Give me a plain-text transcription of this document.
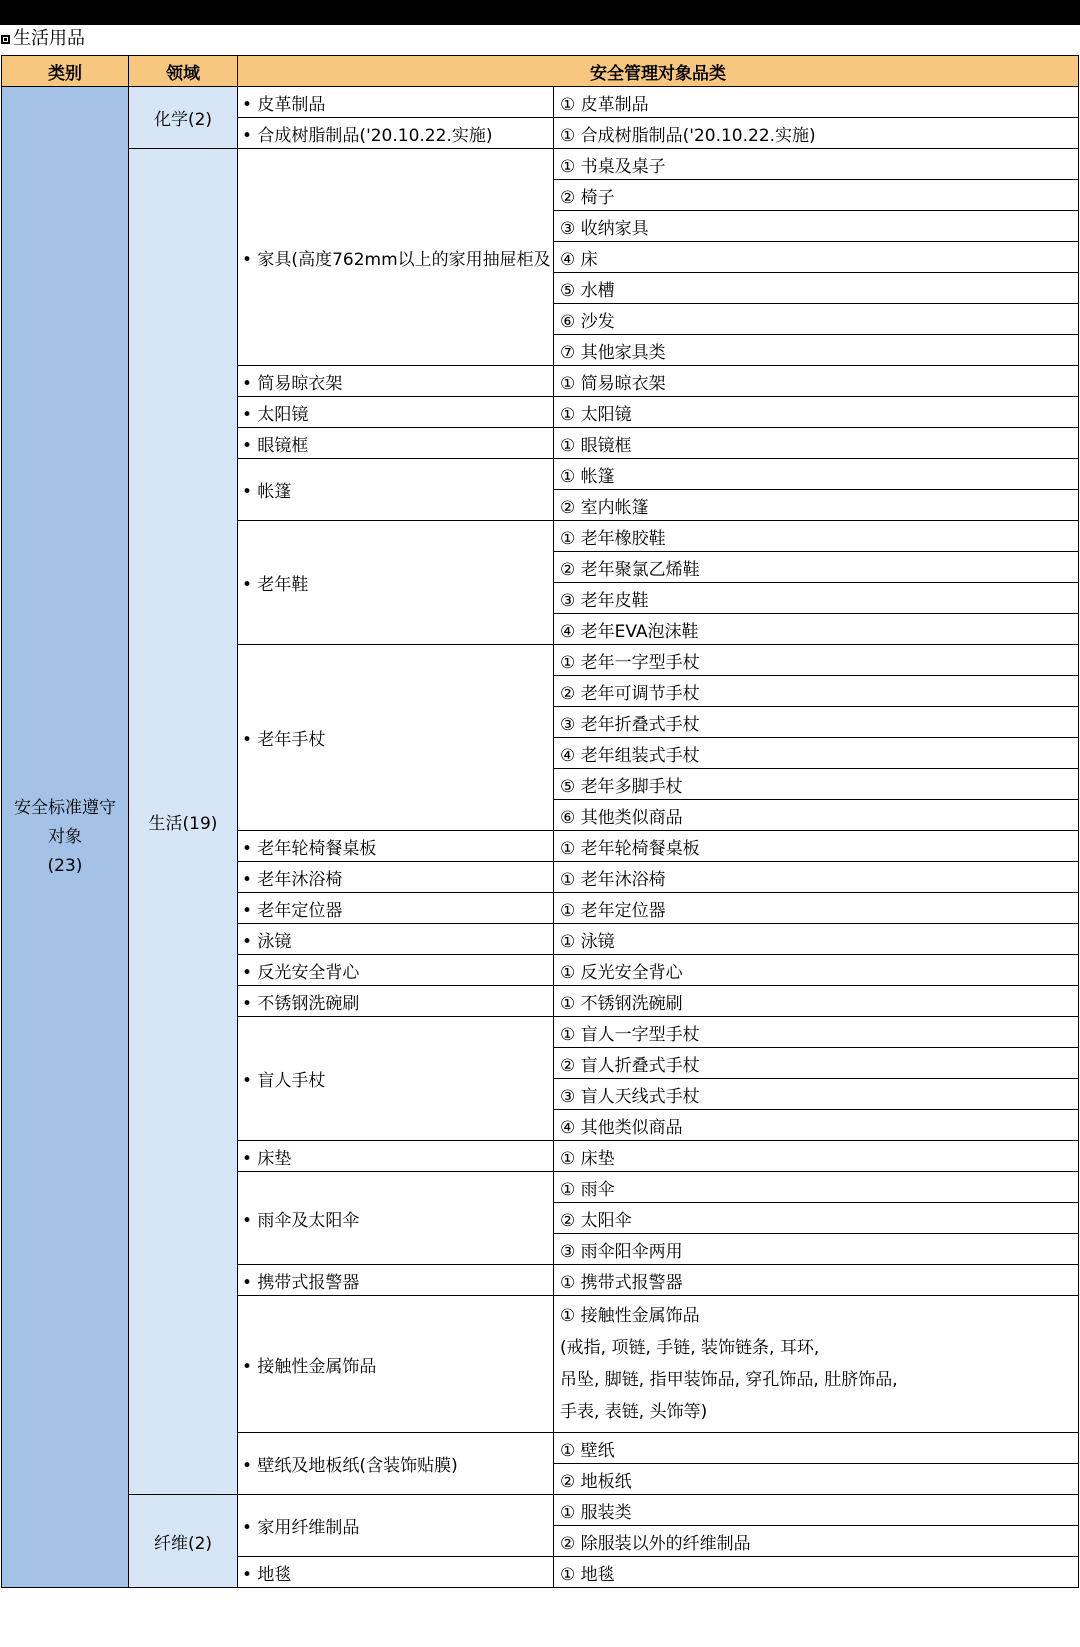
生活用品
类别	领域	安全管理对象品类	

安全标准遵守
对象
(23)	化学(2)	• 皮革制品	① 皮革制品
		• 合成树脂制品('20.10.22.实施)	① 合成树脂制品('20.10.22.实施)
	生活(19)	• 家具(高度762mm以上的家用抽屉柜及	① 书桌及桌子
			② 椅子
			③ 收纳家具
			④ 床
			⑤ 水槽
			⑥ 沙发
			⑦ 其他家具类
		• 简易晾衣架	① 简易晾衣架
		• 太阳镜	① 太阳镜
		• 眼镜框	① 眼镜框
		• 帐篷	① 帐篷
			② 室内帐篷
		• 老年鞋	① 老年橡胶鞋
			② 老年聚氯乙烯鞋
			③ 老年皮鞋
			④ 老年EVA泡沫鞋
		• 老年手杖	① 老年一字型手杖
			② 老年可调节手杖
			③ 老年折叠式手杖
			④ 老年组装式手杖
			⑤ 老年多脚手杖
			⑥ 其他类似商品
		• 老年轮椅餐桌板	① 老年轮椅餐桌板
		• 老年沐浴椅	① 老年沐浴椅
		• 老年定位器	① 老年定位器
		• 泳镜	① 泳镜
		• 反光安全背心	① 反光安全背心
		• 不锈钢洗碗刷	① 不锈钢洗碗刷
		• 盲人手杖	① 盲人一字型手杖
			② 盲人折叠式手杖
			③ 盲人天线式手杖
			④ 其他类似商品
		• 床垫	① 床垫
		• 雨伞及太阳伞	① 雨伞
			② 太阳伞
			③ 雨伞阳伞两用
		• 携带式报警器	① 携带式报警器
		• 接触性金属饰品	① 接触性金属饰品
(戒指, 项链, 手链, 装饰链条, 耳环,
吊坠, 脚链, 指甲装饰品, 穿孔饰品, 肚脐饰品,
手表, 表链, 头饰等)
		• 壁纸及地板纸(含装饰贴膜)	① 壁纸
			② 地板纸
	纤维(2)	• 家用纤维制品	① 服装类
			② 除服装以外的纤维制品
		• 地毯	① 地毯
